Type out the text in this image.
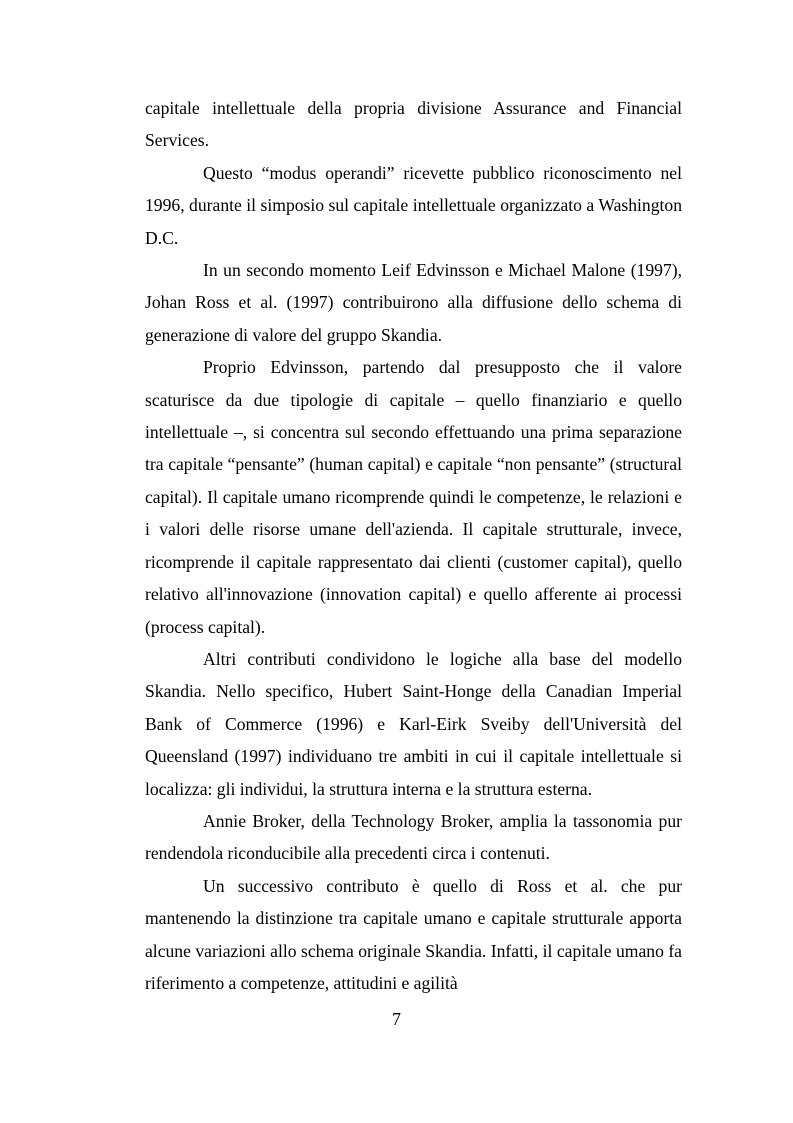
capitale intellettuale della propria divisione Assurance and Financial Services.

Questo “modus operandi” ricevette pubblico riconoscimento nel 1996, durante il simposio sul capitale intellettuale organizzato a Washington D.C.

In un secondo momento Leif Edvinsson e Michael Malone (1997), Johan Ross et al. (1997) contribuirono alla diffusione dello schema di generazione di valore del gruppo Skandia.

Proprio Edvinsson, partendo dal presupposto che il valore scaturisce da due tipologie di capitale – quello finanziario e quello intellettuale –, si concentra sul secondo effettuando una prima separazione tra capitale “pensante” (human capital) e capitale “non pensante” (structural capital). Il capitale umano ricomprende quindi le competenze, le relazioni e i valori delle risorse umane dell'azienda. Il capitale strutturale, invece, ricomprende il capitale rappresentato dai clienti (customer capital), quello relativo all'innovazione (innovation capital) e quello afferente ai processi (process capital).

Altri contributi condividono le logiche alla base del modello Skandia. Nello specifico, Hubert Saint-Honge della Canadian Imperial Bank of Commerce (1996) e Karl-Eirk Sveiby dell'Università del Queensland (1997) individuano tre ambiti in cui il capitale intellettuale si localizza: gli individui, la struttura interna e la struttura esterna.

Annie Broker, della Technology Broker, amplia la tassonomia pur rendendola riconducibile alla precedenti circa i contenuti.

Un successivo contributo è quello di Ross et al. che pur mantenendo la distinzione tra capitale umano e capitale strutturale apporta alcune variazioni allo schema originale Skandia. Infatti, il capitale umano fa riferimento a competenze, attitudini e agilità

7
